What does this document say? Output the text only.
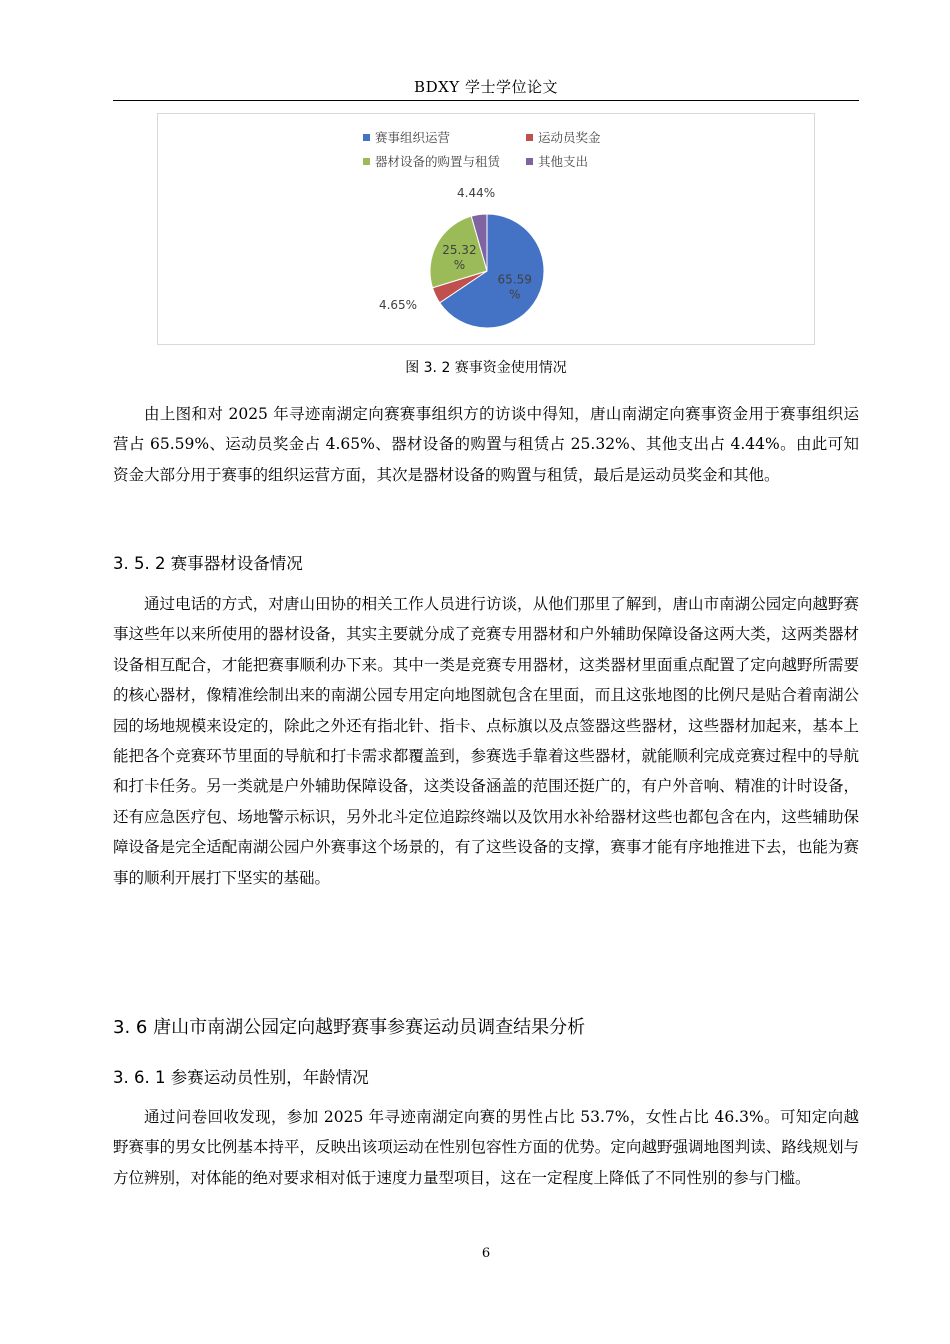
BDXY 学士学位论文
赛事组织运营	运动员奖金
器材设备的购置与租赁	其他支出
65.59 %
4.65%
25.32 %
4.44%
图 3. 2 赛事资金使用情况

由上图和对 2025 年寻迹南湖定向赛赛事组织方的访谈中得知，唐山南湖定向赛事资金用于赛事组织运营占 65.59%、运动员奖金占 4.65%、器材设备的购置与租赁占 25.32%、其他支出占 4.44%。由此可知资金大部分用于赛事的组织运营方面，其次是器材设备的购置与租赁，最后是运动员奖金和其他。

3. 5. 2 赛事器材设备情况

通过电话的方式，对唐山田协的相关工作人员进行访谈，从他们那里了解到，唐山市南湖公园定向越野赛事这些年以来所使用的器材设备，其实主要就分成了竞赛专用器材和户外辅助保障设备这两大类，这两类器材设备相互配合，才能把赛事顺利办下来。其中一类是竞赛专用器材，这类器材里面重点配置了定向越野所需要的核心器材，像精准绘制出来的南湖公园专用定向地图就包含在里面，而且这张地图的比例尺是贴合着南湖公园的场地规模来设定的，除此之外还有指北针、指卡、点标旗以及点签器这些器材，这些器材加起来，基本上能把各个竞赛环节里面的导航和打卡需求都覆盖到，参赛选手靠着这些器材，就能顺利完成竞赛过程中的导航和打卡任务。另一类就是户外辅助保障设备，这类设备涵盖的范围还挺广的，有户外音响、精准的计时设备，还有应急医疗包、场地警示标识，另外北斗定位追踪终端以及饮用水补给器材这些也都包含在内，这些辅助保障设备是完全适配南湖公园户外赛事这个场景的，有了这些设备的支撑，赛事才能有序地推进下去，也能为赛事的顺利开展打下坚实的基础。

3. 6 唐山市南湖公园定向越野赛事参赛运动员调查结果分析
3. 6. 1 参赛运动员性别，年龄情况

通过问卷回收发现，参加 2025 年寻迹南湖定向赛的男性占比 53.7%，女性占比 46.3%。可知定向越野赛事的男女比例基本持平，反映出该项运动在性别包容性方面的优势。定向越野强调地图判读、路线规划与方位辨别，对体能的绝对要求相对低于速度力量型项目，这在一定程度上降低了不同性别的参与门槛。

6
